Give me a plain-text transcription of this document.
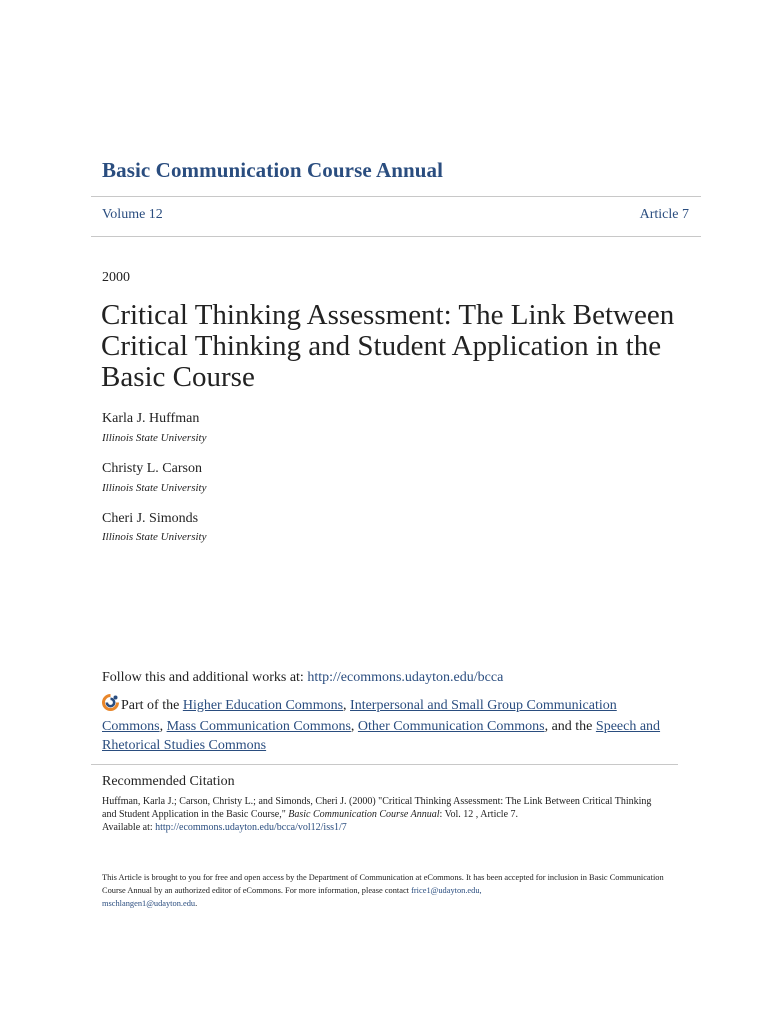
Basic Communication Course Annual
Volume 12	Article 7
2000
Critical Thinking Assessment: The Link Between Critical Thinking and Student Application in the Basic Course
Karla J. Huffman
Illinois State University
Christy L. Carson
Illinois State University
Cheri J. Simonds
Illinois State University
Follow this and additional works at: http://ecommons.udayton.edu/bcca
Part of the Higher Education Commons, Interpersonal and Small Group Communication Commons, Mass Communication Commons, Other Communication Commons, and the Speech and Rhetorical Studies Commons
Recommended Citation
Huffman, Karla J.; Carson, Christy L.; and Simonds, Cheri J. (2000) "Critical Thinking Assessment: The Link Between Critical Thinking and Student Application in the Basic Course," Basic Communication Course Annual: Vol. 12 , Article 7.
Available at: http://ecommons.udayton.edu/bcca/vol12/iss1/7
This Article is brought to you for free and open access by the Department of Communication at eCommons. It has been accepted for inclusion in Basic Communication Course Annual by an authorized editor of eCommons. For more information, please contact frice1@udayton.edu,
mschlangen1@udayton.edu.
